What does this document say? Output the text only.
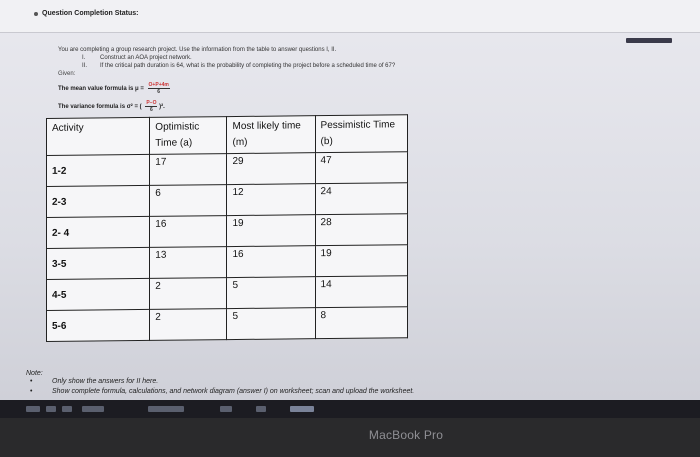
Question Completion Status:
You are completing a group research project. Use the information from the table to answer questions I, II.
I. Construct an AOA project network.
II. If the critical path duration is 64, what is the probability of completing the project before a scheduled time of 67?
Given:
The mean value formula is $\mu = \frac{O+P+4m}{6}$
The variance formula is σ² = ( $\frac{P-O}{6} )^2$.
Activity	Optimistic Time (a)	Most likely time (m)	Pessimistic Time (b)
1-2	17	29	47
2-3	6	12	24
2- 4	16	19	28
3-5	13	16	19
4-5	2	5	14
5-6	2	5	8
Note:
• Only show the answers for II here.
• Show complete formula, calculations, and network diagram (answer I) on worksheet; scan and upload the worksheet.
MacBook Pro
